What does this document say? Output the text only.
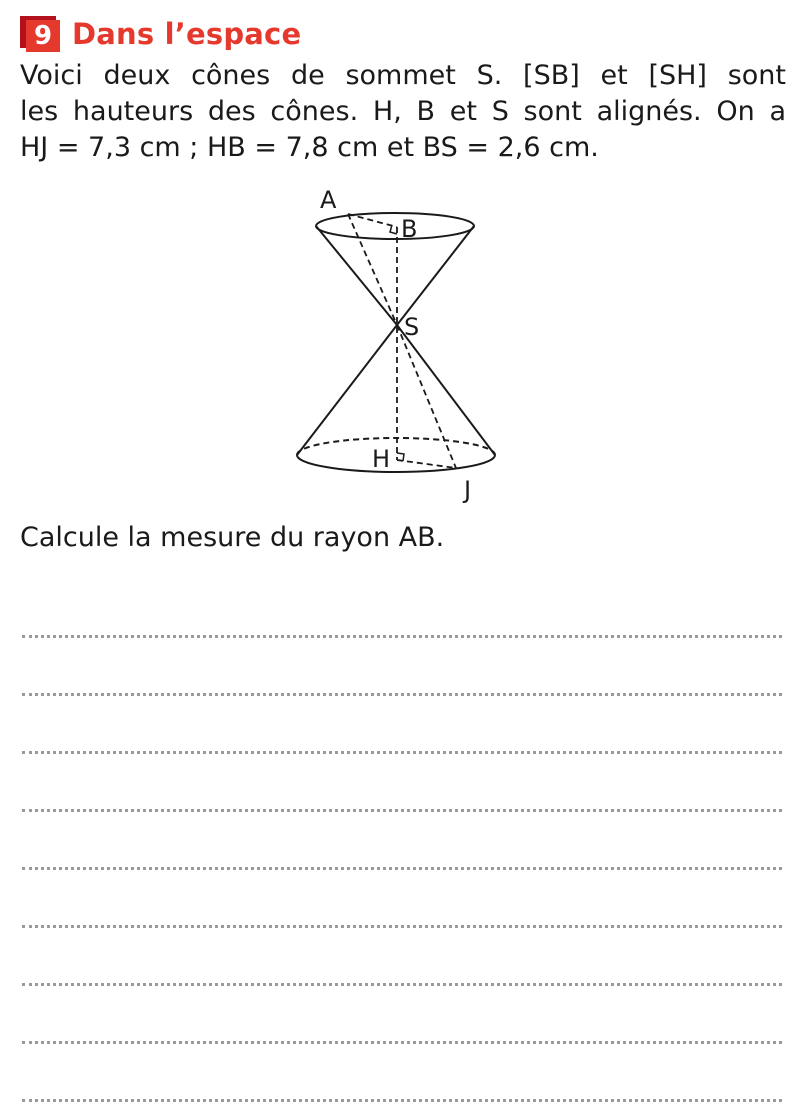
9 Dans l’espace
Voici deux cônes de sommet S. [SB] et [SH] sont
les hauteurs des cônes. H, B et S sont alignés. On a
HJ = 7,3 cm ; HB = 7,8 cm et BS = 2,6 cm.
A
B
S
H
J

Calcule la mesure du rayon AB.
